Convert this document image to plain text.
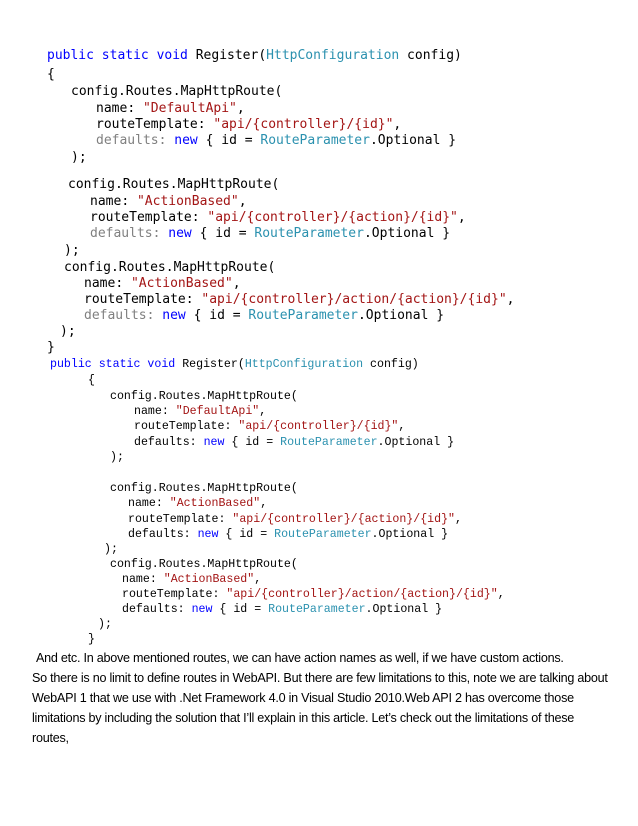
public static void Register(HttpConfiguration config)

{

config.Routes.MapHttpRoute(

name: "DefaultApi",

routeTemplate: "api/{controller}/{id}",

defaults: new { id = RouteParameter.Optional }

);

config.Routes.MapHttpRoute(

name: "ActionBased",

routeTemplate: "api/{controller}/{action}/{id}",

defaults: new { id = RouteParameter.Optional }

);

config.Routes.MapHttpRoute(

name: "ActionBased",

routeTemplate: "api/{controller}/action/{action}/{id}",

defaults: new { id = RouteParameter.Optional }

);

}

public static void Register(HttpConfiguration config)

{

config.Routes.MapHttpRoute(

name: "DefaultApi",

routeTemplate: "api/{controller}/{id}",

defaults: new { id = RouteParameter.Optional }

);

config.Routes.MapHttpRoute(

name: "ActionBased",

routeTemplate: "api/{controller}/{action}/{id}",

defaults: new { id = RouteParameter.Optional }

);

config.Routes.MapHttpRoute(

name: "ActionBased",

routeTemplate: "api/{controller}/action/{action}/{id}",

defaults: new { id = RouteParameter.Optional }

);

}

And etc. In above mentioned routes, we can have action names as well, if we have custom actions.
So there is no limit to define routes in WebAPI. But there are few limitations to this, note we are talking about
WebAPI 1 that we use with .Net Framework 4.0 in Visual Studio 2010.Web API 2 has overcome those
limitations by including the solution that I’ll explain in this article. Let’s check out the limitations of these
routes,
